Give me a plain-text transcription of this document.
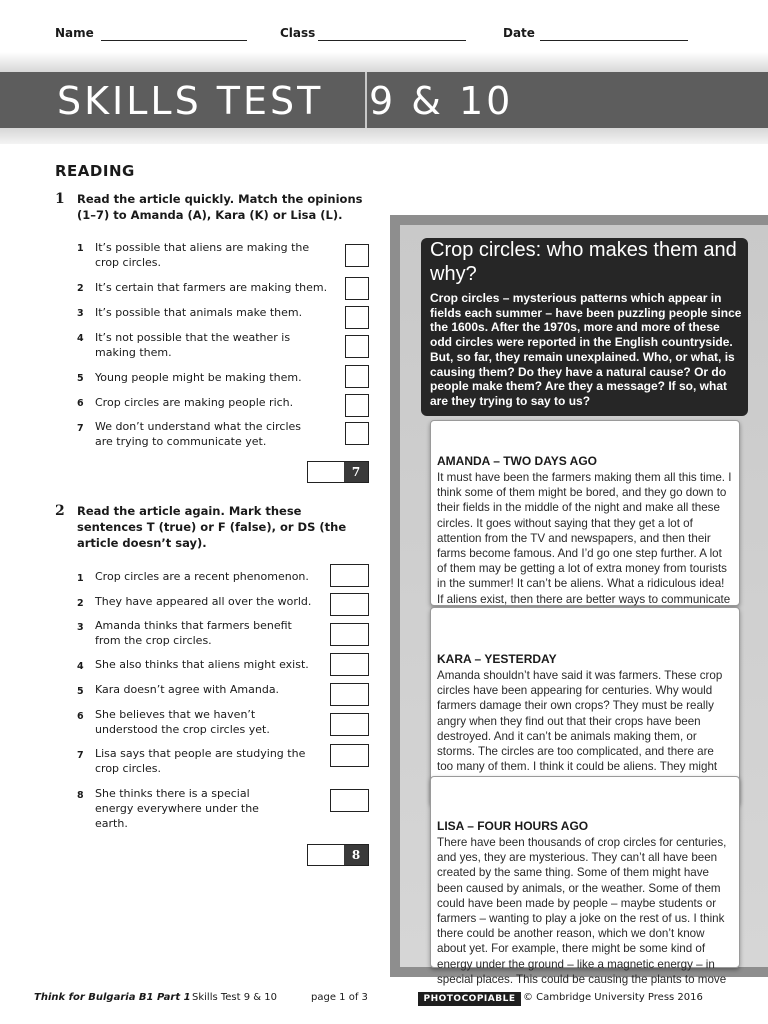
Name	Class	Date
SKILLS TEST 9 & 10
READING
1 Read the article quickly. Match the opinions (1–7) to Amanda (A), Kara (K) or Lisa (L).
1 It’s possible that aliens are making the crop circles.
2 It’s certain that farmers are making them.
3 It’s possible that animals make them.
4 It’s not possible that the weather is making them.
5 Young people might be making them.
6 Crop circles are making people rich.
7 We don’t understand what the circles are trying to communicate yet.
7
2 Read the article again. Mark these sentences T (true) or F (false), or DS (the article doesn’t say).
1 Crop circles are a recent phenomenon.
2 They have appeared all over the world.
3 Amanda thinks that farmers benefit from the crop circles.
4 She also thinks that aliens might exist.
5 Kara doesn’t agree with Amanda.
6 She believes that we haven’t understood the crop circles yet.
7 Lisa says that people are studying the crop circles.
8 She thinks there is a special energy everywhere under the earth.
8
Crop circles: who makes them and why?
Crop circles – mysterious patterns which appear in fields each summer – have been puzzling people since the 1600s. After the 1970s, more and more of these odd circles were reported in the English countryside. But, so far, they remain unexplained. Who, or what, is causing them? Do they have a natural cause? Or do people make them? Are they a message? If so, what are they trying to say to us?
AMANDA – TWO DAYS AGO
It must have been the farmers making them all this time. I think some of them might be bored, and they go down to their fields in the middle of the night and make all these circles. It goes without saying that they get a lot of attention from the TV and newspapers, and then their farms become famous. And I’d go one step further. A lot of them may be getting a lot of extra money from tourists in the summer! It can’t be aliens. What a ridiculous idea! If aliens exist, then there are better ways to communicate
KARA – YESTERDAY
Amanda shouldn’t have said it was farmers. These crop circles have been appearing for centuries. Why would farmers damage their own crops? They must be really angry when they find out that their crops have been destroyed. And it can’t be animals making them, or storms. The circles are too complicated, and there are too many of them. I think it could be aliens. They might
LISA – FOUR HOURS AGO
There have been thousands of crop circles for centuries, and yes, they are mysterious. They can’t all have been created by the same thing. Some of them might have been caused by animals, or the weather. Some of them could have been made by people – maybe students or farmers – wanting to play a joke on the rest of us. I think there could be another reason, which we don’t know about yet. For example, there might be some kind of energy under the ground – like a magnetic energy – in special places. This could be causing the plants to move
Think for Bulgaria B1 Part 1 Skills Test 9 & 10	page 1 of 3	PHOTOCOPIABLE © Cambridge University Press 2016
